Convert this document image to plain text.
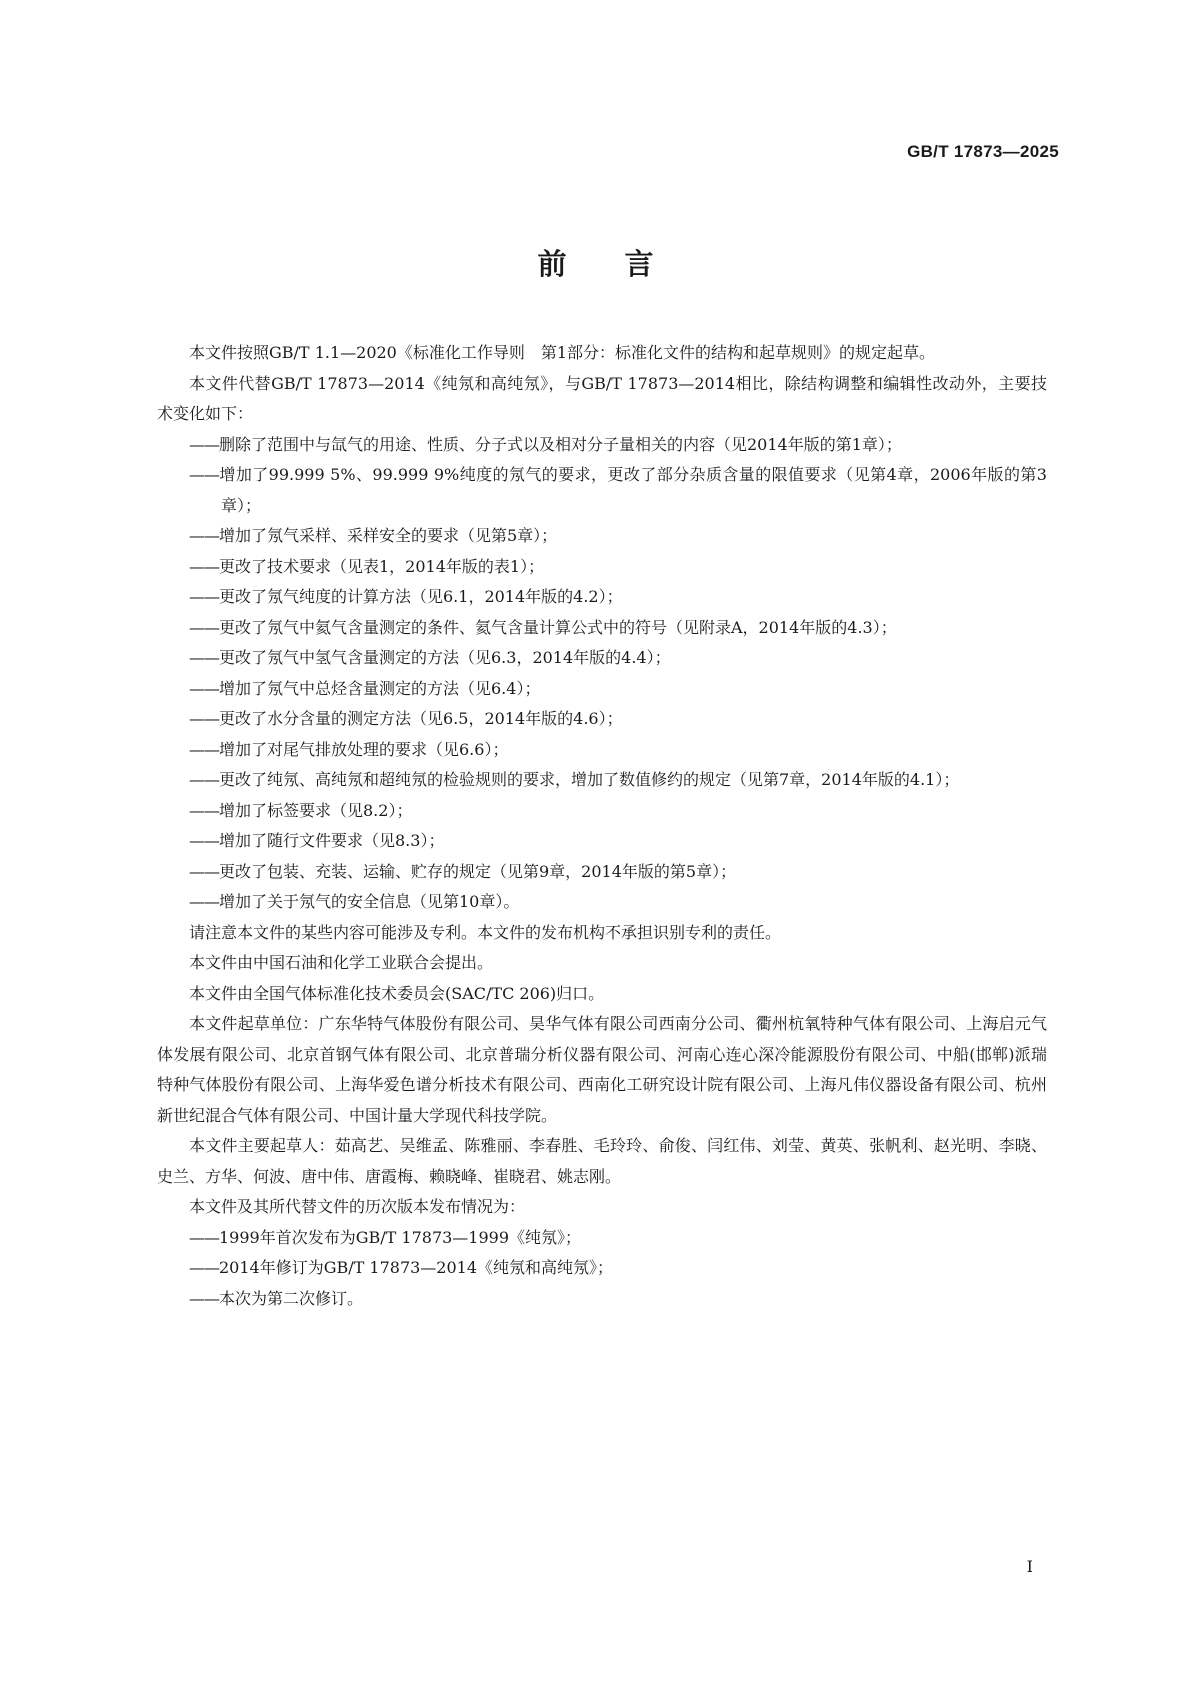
GB/T 17873—2025
前 言

本文件按照GB/T 1.1—2020《标准化工作导则　第1部分：标准化文件的结构和起草规则》的规定起草。

本文件代替GB/T 17873—2014《纯氖和高纯氖》，与GB/T 17873—2014相比，除结构调整和编辑性改动外，主要技术变化如下：

—— 删除了范围中与氙气的用途、性质、分子式以及相对分子量相关的内容（见2014年版的第1章）；

—— 增加了99.999 5%、99.999 9%纯度的氖气的要求，更改了部分杂质含量的限值要求（见第4章，2006年版的第3章）；

—— 增加了氖气采样、采样安全的要求（见第5章）；

—— 更改了技术要求（见表1，2014年版的表1）；

—— 更改了氖气纯度的计算方法（见6.1，2014年版的4.2）；

—— 更改了氖气中氦气含量测定的条件、氦气含量计算公式中的符号（见附录A，2014年版的4.3）；

—— 更改了氖气中氢气含量测定的方法（见6.3，2014年版的4.4）；

—— 增加了氖气中总烃含量测定的方法（见6.4）；

—— 更改了水分含量的测定方法（见6.5，2014年版的4.6）；

—— 增加了对尾气排放处理的要求（见6.6）；

—— 更改了纯氖、高纯氖和超纯氖的检验规则的要求，增加了数值修约的规定（见第7章，2014年版的4.1）；

—— 增加了标签要求（见8.2）；

—— 增加了随行文件要求（见8.3）；

—— 更改了包装、充装、运输、贮存的规定（见第9章，2014年版的第5章）；

—— 增加了关于氖气的安全信息（见第10章）。

请注意本文件的某些内容可能涉及专利。本文件的发布机构不承担识别专利的责任。

本文件由中国石油和化学工业联合会提出。

本文件由全国气体标准化技术委员会(SAC/TC 206)归口。

本文件起草单位：广东华特气体股份有限公司、昊华气体有限公司西南分公司、衢州杭氧特种气体有限公司、上海启元气体发展有限公司、北京首钢气体有限公司、北京普瑞分析仪器有限公司、河南心连心深冷能源股份有限公司、中船(邯郸)派瑞特种气体股份有限公司、上海华爱色谱分析技术有限公司、西南化工研究设计院有限公司、上海凡伟仪器设备有限公司、杭州新世纪混合气体有限公司、中国计量大学现代科技学院。

本文件主要起草人：茹高艺、吴维孟、陈雅丽、李春胜、毛玲玲、俞俊、闫红伟、刘莹、黄英、张帆利、赵光明、李晓、史兰、方华、何波、唐中伟、唐霞梅、赖晓峰、崔晓君、姚志刚。

本文件及其所代替文件的历次版本发布情况为：

—— 1999年首次发布为GB/T 17873—1999《纯氖》；

—— 2014年修订为GB/T 17873—2014《纯氖和高纯氖》；

—— 本次为第二次修订。

I
